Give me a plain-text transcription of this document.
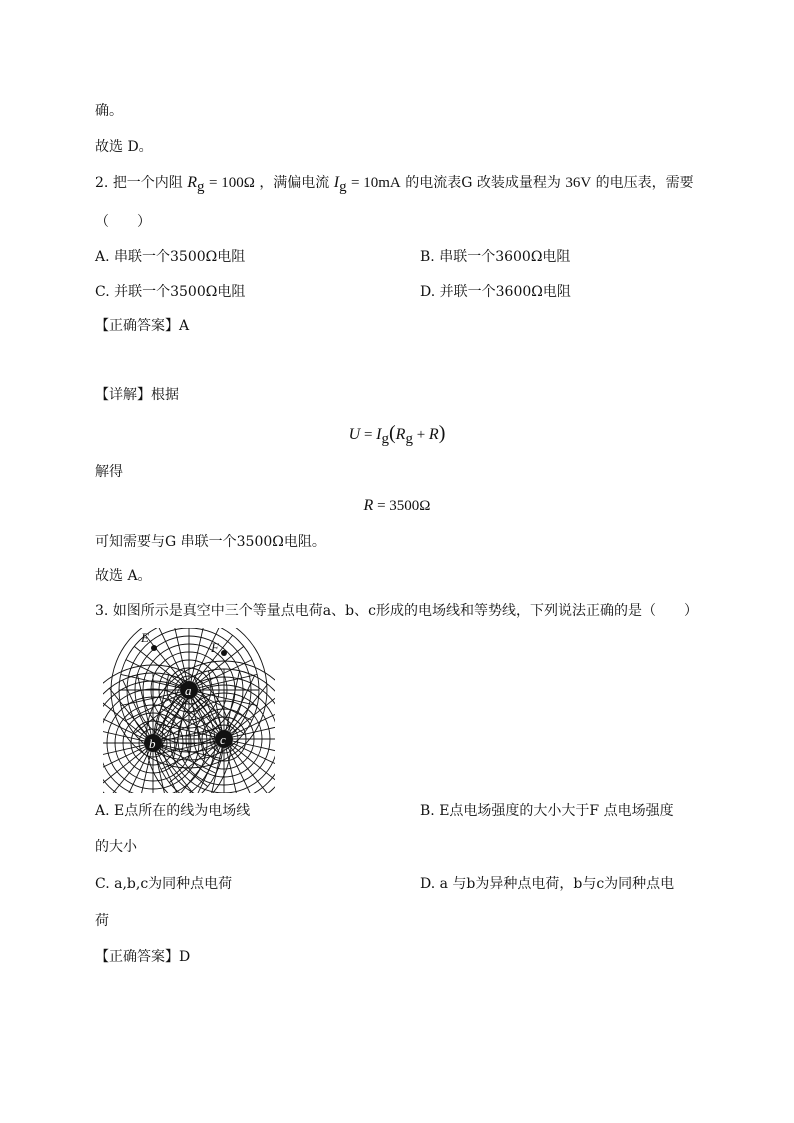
确。
故选 D。
2. 把一个内阻 $R_g = 100\Omega$ ，满偏电流 $I_g = 10mA$ 的电流表G 改装成量程为 36V 的电压表，需要
（　　）
A. 串联一个3500Ω电阻	B. 串联一个3600Ω电阻
C. 并联一个3500Ω电阻	D. 并联一个3600Ω电阻
【正确答案】A
【详解】根据
$U = I_g(R_g + R)$
解得
R = 3500Ω
可知需要与G 串联一个3500Ω电阻。
故选 A。
3. 如图所示是真空中三个等量点电荷a、b、c形成的电场线和等势线，下列说法正确的是（　　）
E
F
a
b	c
A. E点所在的线为电场线	B. E点电场强度的大小大于F 点电场强度
的大小
C. a,b,c为同种点电荷	D. a 与b为异种点电荷，b与c为同种点电
荷
【正确答案】D
